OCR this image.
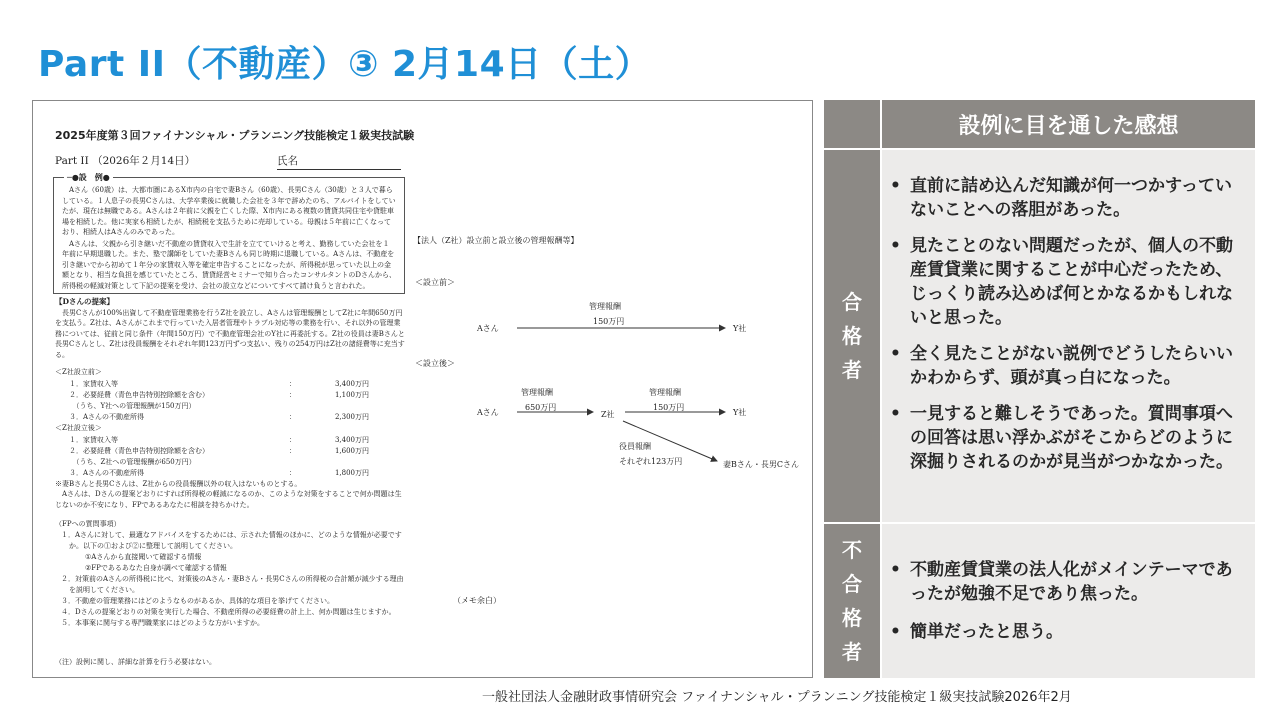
Part II（不動産）③ 2月14日（土）
2025年度第３回ファイナンシャル・プランニング技能検定１級実技試験
Part II （2026年２月14日）	氏名
─●設　例●

Aさん（60歳）は、大都市圏にあるX市内の自宅で妻Bさん（60歳）、長男Cさん（30歳）と３人で暮らしている。１人息子の長男Cさんは、大学卒業後に就職した会社を３年で辞めたのち、アルバイトをしていたが、現在は無職である。Aさんは２年前に父親を亡くした際、X市内にある複数の賃貸共同住宅や貸駐車場を相続した。他に実家も相続したが、相続税を支払うために売却している。母親は５年前に亡くなっており、相続人はAさんのみであった。

Aさんは、父親から引き継いだ不動産の賃貸収入で生計を立てていけると考え、勤務していた会社を１年前に早期退職した。また、塾で講師をしていた妻Bさんも同じ時期に退職している。Aさんは、不動産を引き継いでから初めて１年分の家賃収入等を確定申告することになったが、所得税が思っていた以上の金額となり、相当な負担を感じていたところ、賃貸経営セミナーで知り合ったコンサルタントのDさんから、所得税の軽減対策として下記の提案を受け、会社の設立などについてすべて請け負うと言われた。

【Dさんの提案】

長男Cさんが100%出資して不動産管理業務を行うZ社を設立し、Aさんは管理報酬としてZ社に年間650万円を支払う。Z社は、Aさんがこれまで行っていた入居者管理やトラブル対応等の業務を行い、それ以外の管理業務については、従前と同じ条件（年間150万円）で不動産管理会社のY社に再委託する。Z社の役員は妻Bさんと長男Cさんとし、Z社は役員報酬をそれぞれ年間123万円ずつ支払い、残りの254万円はZ社の諸経費等に充当する。

＜Z社設立前＞
１．家賃収入等	：	3,400万円
２．必要経費（青色申告特別控除額を含む）	：	1,100万円
　（うち、Y社への管理報酬が150万円）
３．Aさんの不動産所得	：	2,300万円
＜Z社設立後＞
１．家賃収入等	：	3,400万円
２．必要経費（青色申告特別控除額を含む）	：	1,600万円
　（うち、Z社への管理報酬が650万円）
３．Aさんの不動産所得	：	1,800万円
※妻Bさんと長男Cさんは、Z社からの役員報酬以外の収入はないものとする。
Aさんは、Dさんの提案どおりにすれば所得税の軽減になるのか、このような対策をすることで何か問題は生じないのか不安になり、FPであるあなたに相談を持ちかけた。
（FPへの質問事項）
１．Aさんに対して、最適なアドバイスをするためには、示された情報のほかに、どのような情報が必要ですか。以下の①および②に整理して説明してください。
①Aさんから直接聞いて確認する情報
②FPであるあなた自身が調べて確認する情報
２．対策前のAさんの所得税に比べ、対策後のAさん・妻Bさん・長男Cさんの所得税の合計額が減少する理由を説明してください。
３．不動産の管理業務にはどのようなものがあるか、具体的な項目を挙げてください。
４．Dさんの提案どおりの対策を実行した場合、不動産所得の必要経費の計上上、何か問題は生じますか。
５．本事案に関与する専門職業家にはどのような方がいますか。
（注）設例に関し、詳細な計算を行う必要はない。
【法人（Z社）設立前と設立後の管理報酬等】
＜設立前＞
管理報酬
150万円
Aさん	Y社
＜設立後＞
管理報酬
650万円
管理報酬
150万円
Aさん	Z社	Y社
役員報酬
それぞれ123万円	妻Bさん・長男Cさん
（メモ余白）
設例に目を通した感想
合
格
者
• 直前に詰め込んだ知識が何一つかすっていないことへの落胆があった。
• 見たことのない問題だったが、個人の不動産賃貸業に関することが中心だったため、じっくり読み込めば何とかなるかもしれないと思った。
• 全く見たことがない説例でどうしたらいいかわからず、頭が真っ白になった。
• 一見すると難しそうであった。質問事項への回答は思い浮かぶがそこからどのように深掘りされるのかが見当がつかなかった。
不
合
格
者
• 不動産賃貸業の法人化がメインテーマであったが勉強不足であり焦った。
• 簡単だったと思う。
一般社団法人金融財政事情研究会 ファイナンシャル・プランニング技能検定１級実技試験2026年2月
